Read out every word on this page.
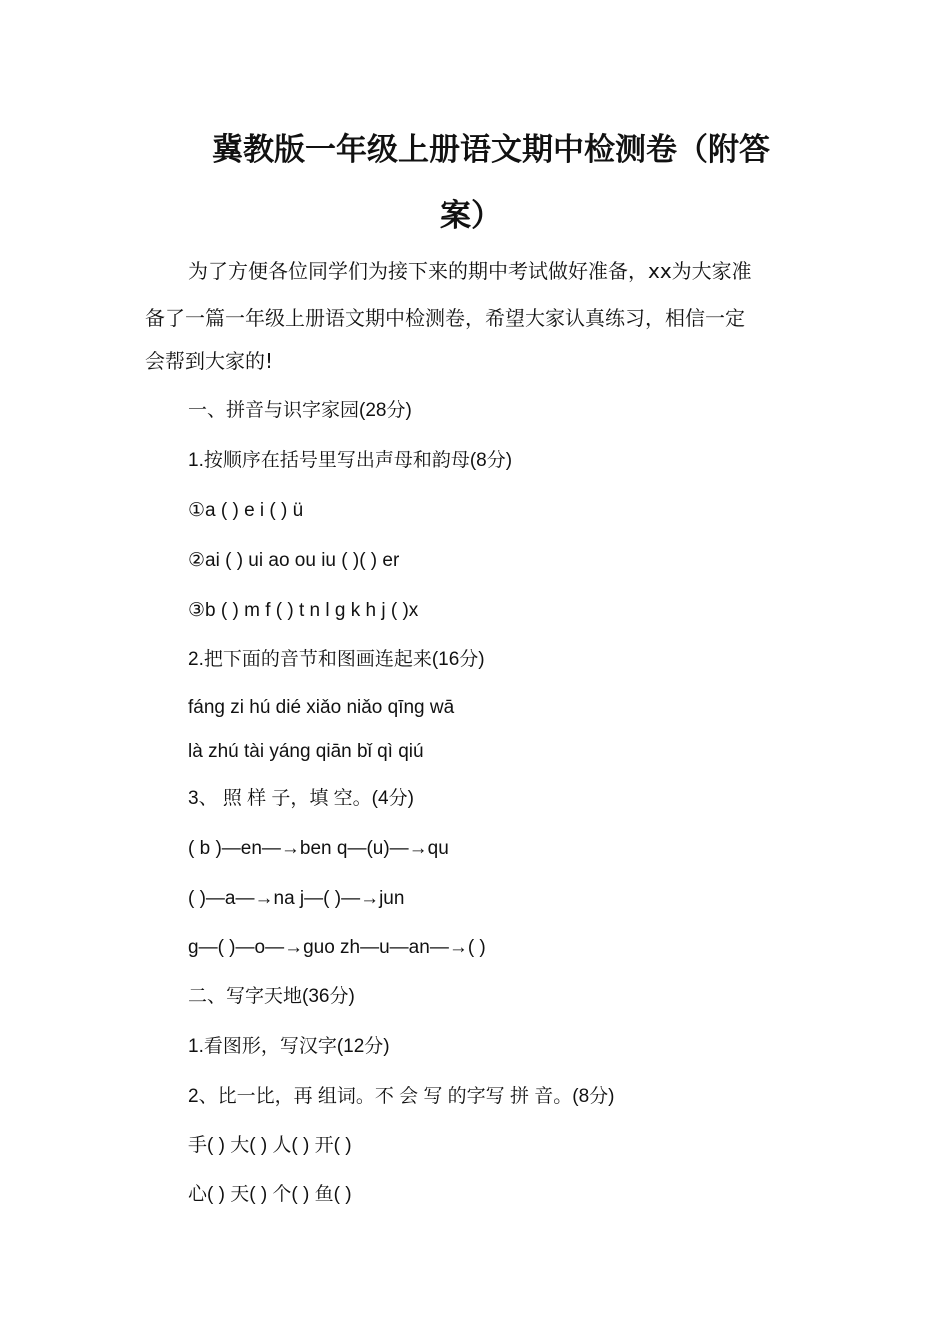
冀教版一年级上册语文期中检测卷（附答
案）
为了方便各位同学们为接下来的期中考试做好准备，xx为大家准
备了一篇一年级上册语文期中检测卷，希望大家认真练习，相信一定
会帮到大家的!
一、拼音与识字家园(28分)
1.按顺序在括号里写出声母和韵母(8分)
①a ( ) e i ( ) ü
②ai ( ) ui ao ou iu ( )( ) er
③b ( ) m f ( ) t n l g k h j ( )x
2.把下面的音节和图画连起来(16分)
fáng zi hú dié xiǎo niǎo qīng wā
là zhú tài yáng qiān bǐ qì qiú
3、 照 样 子，填 空。(4分)
( b )—en—→ben q—(u)—→qu
( )—a—→na j—( )—→jun
g—( )—o—→guo zh—u—an—→( )
二、写字天地(36分)
1.看图形，写汉字(12分)
2、比一比，再 组词。不 会 写 的字写 拼 音。(8分)
手( ) 大( ) 人( ) 开( )
心( ) 天( ) 个( ) 鱼( )
